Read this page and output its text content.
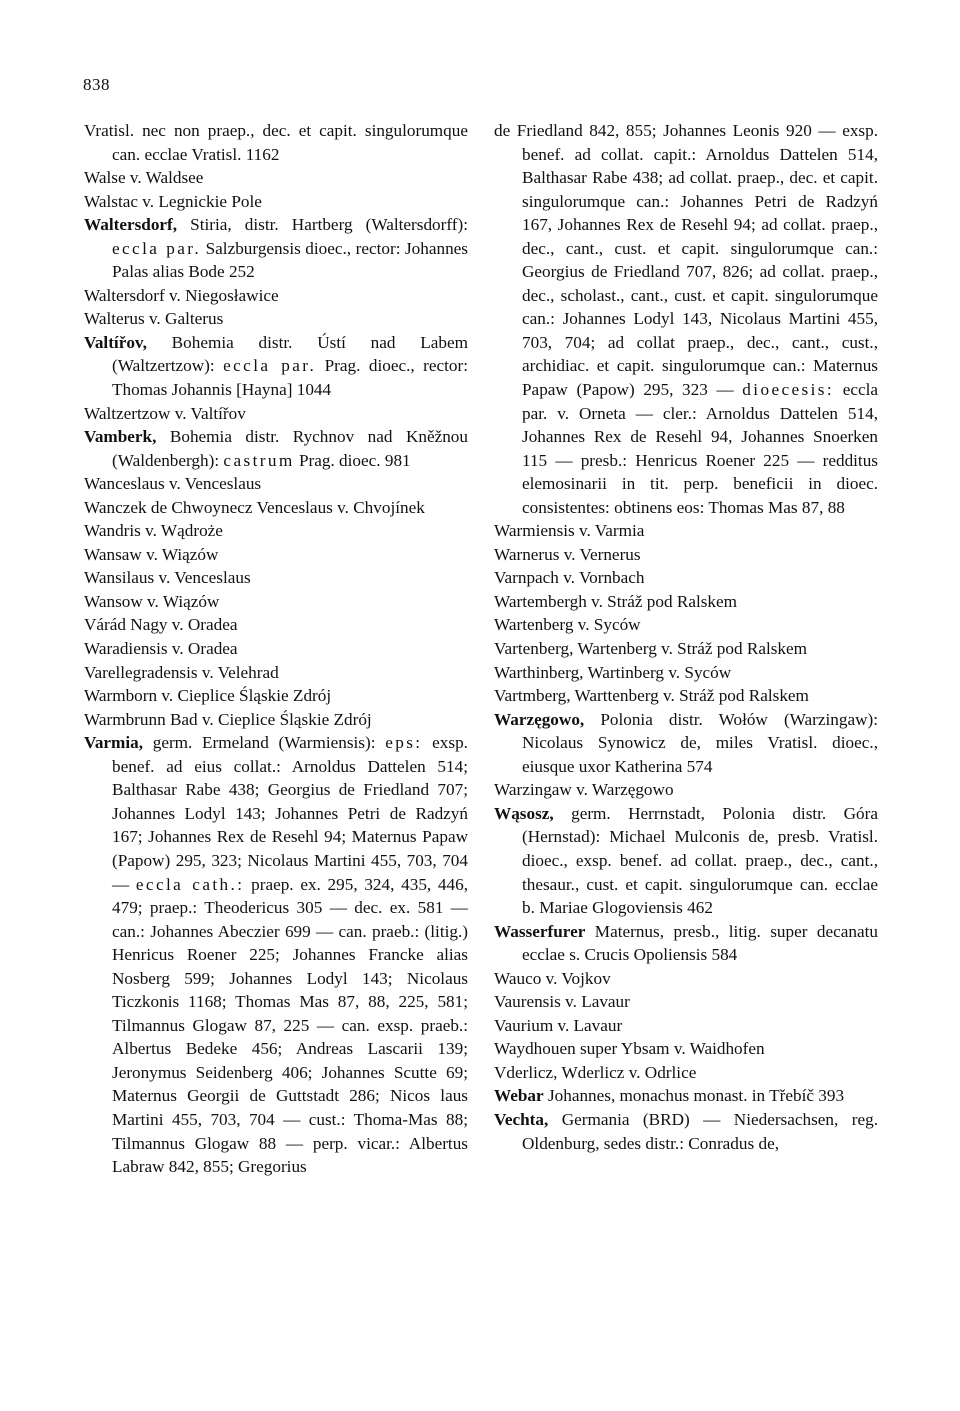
838

Vratisl. nec non praep., dec. et capit. singulorumque can. ecclae Vratisl. 1162

Walse v. Waldsee

Walstac v. Legnickie Pole

Waltersdorf, Stiria, distr. Hartberg (Waltersdorff): eccla par. Salzburgensis dioec., rector: Johannes Palas alias Bode 252

Waltersdorf v. Niegosławice

Walterus v. Galterus

Valtířov, Bohemia distr. Ústí nad Labem (Waltzertzow): eccla par. Prag. dioec., rector: Thomas Johannis [Hayna] 1044

Waltzertzow v. Valtířov

Vamberk, Bohemia distr. Rychnov nad Kněžnou (Waldenbergh): castrum Prag. dioec. 981

Wanceslaus v. Venceslaus

Wanczek de Chwoynecz Venceslaus v. Chvojínek

Wandris v. Wądroże

Wansaw v. Wiązów

Wansilaus v. Venceslaus

Wansow v. Wiązów

Várád Nagy v. Oradea

Waradiensis v. Oradea

Varellegradensis v. Velehrad

Warmborn v. Cieplice Śląskie Zdrój

Warmbrunn Bad v. Cieplice Śląskie Zdrój

Varmia, germ. Ermeland (Warmiensis): eps: exsp. benef. ad eius collat.: Arnoldus Dattelen 514; Balthasar Rabe 438; Georgius de Friedland 707; Johannes Lodyl 143; Johannes Petri de Radzyń 167; Johannes Rex de Resehl 94; Maternus Papaw (Papow) 295, 323; Nicolaus Martini 455, 703, 704 — eccla cath.: praep. ex. 295, 324, 435, 446, 479; praep.: Theodericus 305 — dec. ex. 581 — can.: Johannes Abeczier 699 — can. praeb.: (litig.) Henricus Roener 225; Johannes Francke alias Nosberg 599; Johannes Lodyl 143; Nicolaus Ticzkonis 1168; Thomas Mas 87, 88, 225, 581; Tilmannus Glogaw 87, 225 — can. exsp. praeb.: Albertus Bedeke 456; Andreas Lascarii 139; Jeronymus Seidenberg 406; Johannes Scutte 69; Maternus Georgii de Guttstadt 286; Nicos laus Martini 455, 703, 704 — cust.: Thoma-Mas 88; Tilmannus Glogaw 88 — perp. vicar.: Albertus Labraw 842, 855; Gregorius

de Friedland 842, 855; Johannes Leonis 920 — exsp. benef. ad collat. capit.: Arnoldus Dattelen 514, Balthasar Rabe 438; ad collat. praep., dec. et capit. singulorumque can.: Johannes Petri de Radzyń 167, Johannes Rex de Resehl 94; ad collat. praep., dec., cant., cust. et capit. singulorumque can.: Georgius de Friedland 707, 826; ad collat. praep., dec., scholast., cant., cust. et capit. singulorumque can.: Johannes Lodyl 143, Nicolaus Martini 455, 703, 704; ad collat praep., dec., cant., cust., archidiac. et capit. singulorumque can.: Maternus Papaw (Papow) 295, 323 — dioecesis: eccla par. v. Orneta — cler.: Arnoldus Dattelen 514, Johannes Rex de Resehl 94, Johannes Snoerken 115 — presb.: Henricus Roener 225 — redditus elemosinarii in tit. perp. beneficii in dioec. consistentes: obtinens eos: Thomas Mas 87, 88

Warmiensis v. Varmia

Warnerus v. Vernerus

Varnpach v. Vornbach

Wartembergh v. Stráž pod Ralskem

Wartenberg v. Syców

Vartenberg, Wartenberg v. Stráž pod Ralskem

Warthinberg, Wartinberg v. Syców

Vartmberg, Warttenberg v. Stráž pod Ralskem

Warzęgowo, Polonia distr. Wołów (Warzingaw): Nicolaus Synowicz de, miles Vratisl. dioec., eiusque uxor Katherina 574

Warzingaw v. Warzęgowo

Wąsosz, germ. Herrnstadt, Polonia distr. Góra (Hernstad): Michael Mulconis de, presb. Vratisl. dioec., exsp. benef. ad collat. praep., dec., cant., thesaur., cust. et capit. singulorumque can. ecclae b. Mariae Glogoviensis 462

Wasserfurer Maternus, presb., litig. super decanatu ecclae s. Crucis Opoliensis 584

Wauco v. Vojkov

Vaurensis v. Lavaur

Vaurium v. Lavaur

Waydhouen super Ybsam v. Waidhofen

Vderlicz, Wderlicz v. Odrlice

Webar Johannes, monachus monast. in Třebíč 393

Vechta, Germania (BRD) — Niedersachsen, reg. Oldenburg, sedes distr.: Conradus de,
